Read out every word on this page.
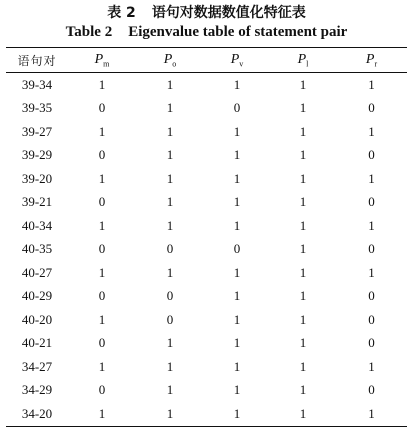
表 2 语句对数据数值化特征表
Table 2 Eigenvalue table of statement pair
语句对	$P_m$	$P_o$	$P_v$	$P_l$	$P_r$
39-34	1	1	1	1	1
39-35	0	1	0	1	0
39-27	1	1	1	1	1
39-29	0	1	1	1	0
39-20	1	1	1	1	1
39-21	0	1	1	1	0
40-34	1	1	1	1	1
40-35	0	0	0	1	0
40-27	1	1	1	1	1
40-29	0	0	1	1	0
40-20	1	0	1	1	0
40-21	0	1	1	1	0
34-27	1	1	1	1	1
34-29	0	1	1	1	0
34-20	1	1	1	1	1
